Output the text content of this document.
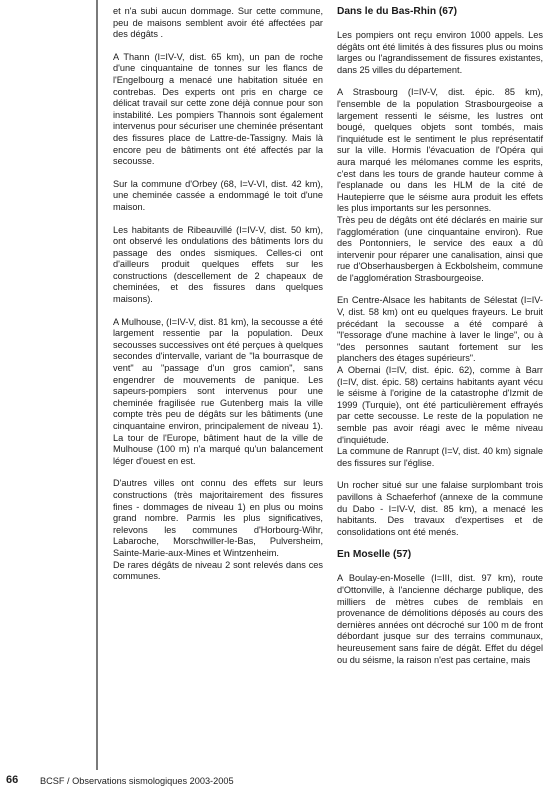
et n'a subi aucun dommage. Sur cette commune, peu de maisons semblent avoir été affectées par des dégâts .

A Thann (I=IV-V, dist. 65 km), un pan de roche d'une cinquantaine de tonnes sur les flancs de l'Engelbourg a menacé une habitation située en contrebas. Des experts ont pris en charge ce délicat travail sur cette zone déjà connue pour son instabilité. Les pompiers Thannois sont également intervenus pour sécuriser une cheminée présentant des fissures place de Lattre-de-Tassigny. Mais là encore peu de bâtiments ont été affectés par la secousse.

Sur la commune d'Orbey (68, I=V-VI, dist. 42 km), une cheminée cassée a endommagé le toit d'une maison.

Les habitants de Ribeauvillé (I=IV-V, dist. 50 km), ont observé les ondulations des bâtiments lors du passage des ondes sismiques. Celles-ci ont d'ailleurs produit quelques effets sur les constructions (descellement de 2 chapeaux de cheminées, et des fissures dans quelques maisons).

A Mulhouse, (I=IV-V, dist. 81 km), la secousse a été largement ressentie par la population. Deux secousses successives ont été perçues à quelques secondes d'intervalle, variant de "la bourrasque de vent" au "passage d'un gros camion", sans engendrer de mouvements de panique. Les sapeurs-pompiers sont intervenus pour une cheminée fragilisée rue Gutenberg mais la ville compte très peu de dégâts sur les bâtiments (une cinquantaine environ, principalement de niveau 1). La tour de l'Europe, bâtiment haut de la ville de Mulhouse (100 m) n'a marqué qu'un balancement léger d'ouest en est.

D'autres villes ont connu des effets sur leurs constructions (très majoritairement des fissures fines - dommages de niveau 1) en plus ou moins grand nombre. Parmis les plus significatives, relevons les communes d'Horbourg-Wihr, Labaroche, Morschwiller-le-Bas, Pulversheim, Sainte-Marie-aux-Mines et Wintzenheim.

De rares dégâts de niveau 2 sont relevés dans ces communes.

Dans le du Bas-Rhin (67)

Les pompiers ont reçu environ 1000 appels. Les dégâts ont été limités à des fissures plus ou moins larges ou l'agrandissement de fissures existantes, dans 25 villes du département.

A Strasbourg (I=IV-V, dist. épic. 85 km), l'ensemble de la population Strasbourgeoise a largement ressenti le séisme, les lustres ont bougé, quelques objets sont tombés, mais l'inquiétude est le sentiment le plus représentatif sur la ville. Hormis l'évacuation de l'Opéra qui aura marqué les mélomanes comme les esprits, c'est dans les tours de grande hauteur comme à l'esplanade ou dans les HLM de la cité de Hautepierre que le séisme aura produit les effets les plus importants sur les personnes.

Très peu de dégâts ont été déclarés en mairie sur l'agglomération (une cinquantaine environ). Rue des Pontonniers, le service des eaux a dû intervenir pour réparer une canalisation, ainsi que rue d'Obserhausbergen à Eckbolsheim, commune de l'agglomération Strasbourgeoise.

En Centre-Alsace les habitants de Sélestat (I=IV-V, dist. 58 km) ont eu quelques frayeurs. Le bruit précédant la secousse a été comparé à "l'essorage d'une machine à laver le linge", ou à "des personnes sautant fortement sur les planchers des étages supérieurs".

A Obernai (I=IV, dist. épic. 62), comme à Barr (I=IV, dist. épic. 58) certains habitants ayant vécu le séisme à l'origine de la catastrophe d'Izmit de 1999 (Turquie), ont été particulièrement effrayés par cette secousse. Le reste de la population ne semble pas avoir réagi avec le même niveau d'inquiétude.

La commune de Ranrupt (I=V, dist. 40 km) signale des fissures sur l'église.

Un rocher situé sur une falaise surplombant trois pavillons à Schaeferhof (annexe de la commune du Dabo - I=IV-V, dist. 85 km), a menacé les habitants. Des travaux d'expertises et de consolidations ont été menés.

En Moselle (57)

A Boulay-en-Moselle (I=III, dist. 97 km), route d'Ottonville, à l'ancienne décharge publique, des milliers de mètres cubes de remblais en provenance de démolitions déposés au cours des dernières années ont décroché sur 100 m de front débordant jusque sur des terrains communaux, heureusement sans faire de dégât. Effet du dégel ou du séisme, la raison n'est pas certaine, mais

66 BCSF / Observations sismologiques 2003-2005
